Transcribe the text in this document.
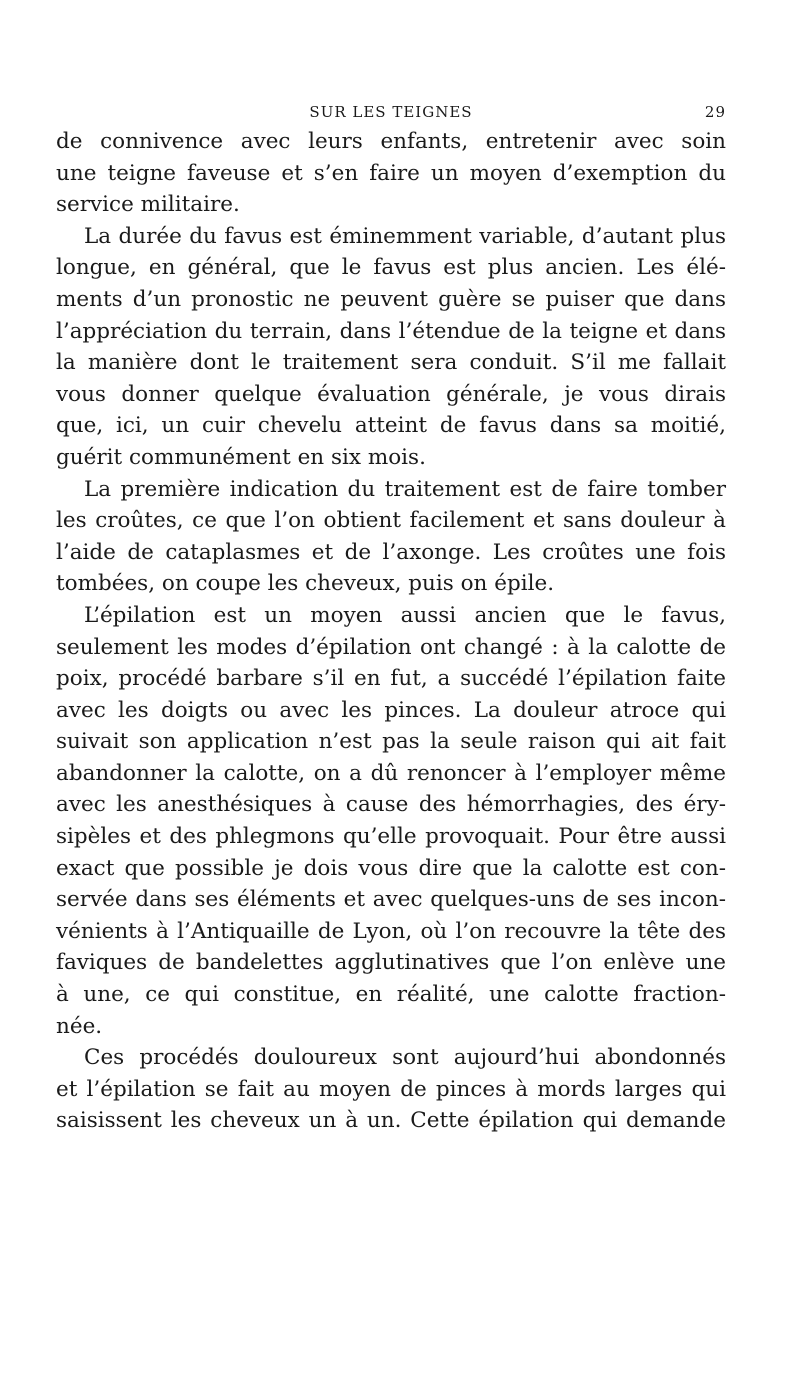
SUR LES TEIGNES	29
de connivence avec leurs enfants, entretenir avec soin
une teigne faveuse et s’en faire un moyen d’exemption du
service militaire.
La durée du favus est éminemment variable, d’autant plus
longue, en général, que le favus est plus ancien. Les élé-
ments d’un pronostic ne peuvent guère se puiser que dans
l’appréciation du terrain, dans l’étendue de la teigne et dans
la manière dont le traitement sera conduit. S’il me fallait
vous donner quelque évaluation générale, je vous dirais
que, ici, un cuir chevelu atteint de favus dans sa moitié,
guérit communément en six mois.
La première indication du traitement est de faire tomber
les croûtes, ce que l’on obtient facilement et sans douleur à
l’aide de cataplasmes et de l’axonge. Les croûtes une fois
tombées, on coupe les cheveux, puis on épile.
L’épilation est un moyen aussi ancien que le favus,
seulement les modes d’épilation ont changé : à la calotte de
poix, procédé barbare s’il en fut, a succédé l’épilation faite
avec les doigts ou avec les pinces. La douleur atroce qui
suivait son application n’est pas la seule raison qui ait fait
abandonner la calotte, on a dû renoncer à l’employer même
avec les anesthésiques à cause des hémorrhagies, des éry-
sipèles et des phlegmons qu’elle provoquait. Pour être aussi
exact que possible je dois vous dire que la calotte est con-
servée dans ses éléments et avec quelques-uns de ses incon-
vénients à l’Antiquaille de Lyon, où l’on recouvre la tête des
faviques de bandelettes agglutinatives que l’on enlève une
à une, ce qui constitue, en réalité, une calotte fraction-
née.
Ces procédés douloureux sont aujourd’hui abondonnés
et l’épilation se fait au moyen de pinces à mords larges qui
saisissent les cheveux un à un. Cette épilation qui demande
